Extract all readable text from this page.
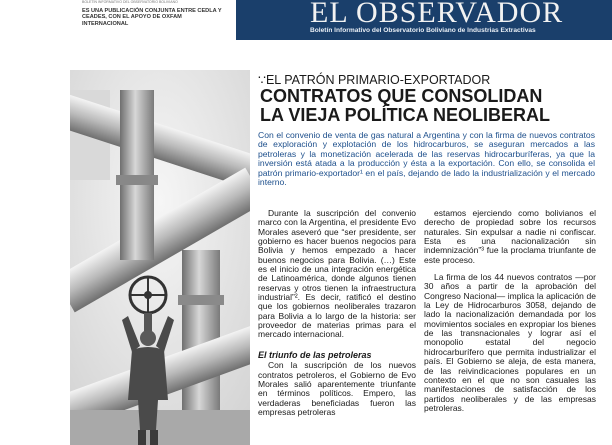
BOLETÍN INFORMATIVO DEL OBSERVATORIO BOLIVIANO
ES UNA PUBLICACIÓN CONJUNTA ENTRE CEDLA Y CEADES, CON EL APOYO DE OXFAM INTERNACIONAL	EL OBSERVADOR
Boletín Informativo del Observatorio Boliviano de Industrias Extractivas
∵EL PATRÓN PRIMARIO-EXPORTADOR
CONTRATOS QUE CONSOLIDAN
LA VIEJA POLÍTICA NEOLIBERAL
Con el convenio de venta de gas natural a Argentina y con la firma de nuevos contratos de exploración y explotación de los hidrocarburos, se aseguran mercados a las petroleras y la monetización acelerada de las reservas hidrocarburíferas, ya que la inversión está atada a la producción y ésta a la exportación. Con ello, se consolida el patrón primario-exportador¹ en el país, dejando de lado la industrialización y el mercado interno.

Durante la suscripción del convenio marco con la Argentina, el presidente Evo Morales aseveró que “ser presidente, ser gobierno es hacer buenos negocios para Bolivia y hemos empezado a hacer buenos negocios para Bolivia. (…) Este es el inicio de una integración energética de Latinoamérica, donde algunos tienen reservas y otros tienen la infraestructura industrial”². Es decir, ratificó el destino que los gobiernos neoliberales trazaron para Bolivia a lo largo de la historia: ser proveedor de materias primas para el mercado internacional.

El triunfo de las petroleras

Con la suscripción de los nuevos contratos petroleros, el Gobierno de Evo Morales salió aparentemente triunfante en términos políticos. Empero, las verdaderas beneficiadas fueron las empresas petroleras

estamos ejerciendo como bolivianos el derecho de propiedad sobre los recursos naturales. Sin expulsar a nadie ni confiscar. Esta es una nacionalización sin indemnización”³ fue la proclama triunfante de este proceso.

La firma de los 44 nuevos contratos —por 30 años a partir de la aprobación del Congreso Nacional— implica la aplicación de la Ley de Hidrocarburos 3058, dejando de lado la nacionalización demandada por los movimientos sociales en expropiar los bienes de las transnacionales y lograr así el monopolio estatal del negocio hidrocarburífero que permita industrializar el país. El Gobierno se aleja, de esta manera, de las reivindicaciones populares en un contexto en el que no son casuales las manifestaciones de satisfacción de los partidos neoliberales y de las empresas petroleras.
